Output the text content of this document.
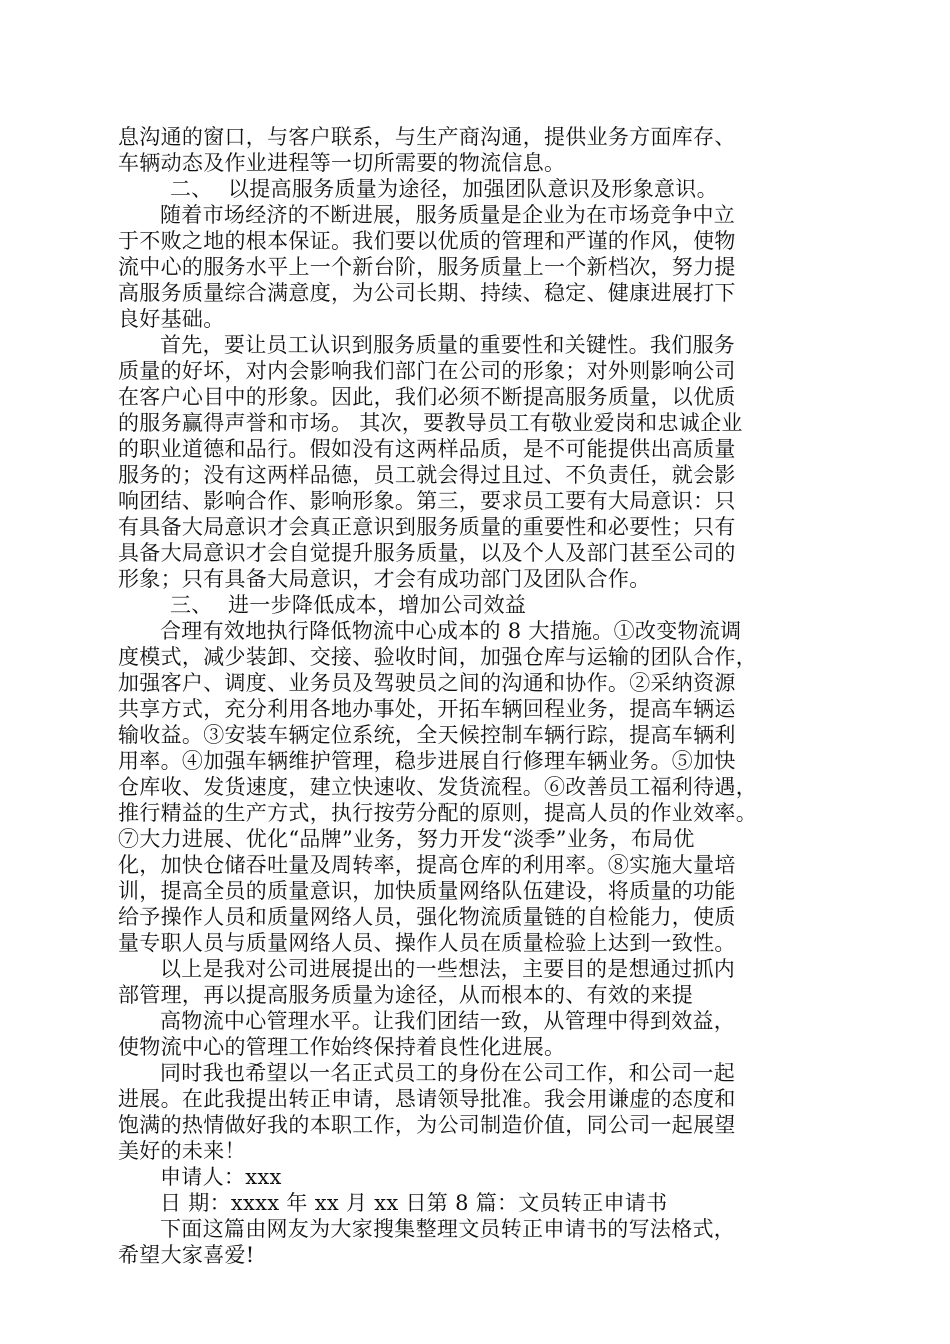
息沟通的窗口，与客户联系，与生产商沟通，提供业务方面库存、
车辆动态及作业进程等一切所需要的物流信息。
二、 以提高服务质量为途径，加强团队意识及形象意识。
随着市场经济的不断进展，服务质量是企业为在市场竞争中立
于不败之地的根本保证。我们要以优质的管理和严谨的作风，使物
流中心的服务水平上一个新台阶，服务质量上一个新档次，努力提
高服务质量综合满意度，为公司长期、持续、稳定、健康进展打下
良好基础。
首先，要让员工认识到服务质量的重要性和关键性。我们服务
质量的好坏，对内会影响我们部门在公司的形象；对外则影响公司
在客户心目中的形象。因此，我们必须不断提高服务质量，以优质
的服务赢得声誉和市场。 其次，要教导员工有敬业爱岗和忠诚企业
的职业道德和品行。假如没有这两样品质，是不可能提供出高质量
服务的；没有这两样品德，员工就会得过且过、不负责任，就会影
响团结、影响合作、影响形象。第三，要求员工要有大局意识：只
有具备大局意识才会真正意识到服务质量的重要性和必要性；只有
具备大局意识才会自觉提升服务质量，以及个人及部门甚至公司的
形象；只有具备大局意识，才会有成功部门及团队合作。
三、 进一步降低成本，增加公司效益
合理有效地执行降低物流中心成本的 8 大措施。①改变物流调
度模式，减少装卸、交接、验收时间，加强仓库与运输的团队合作，
加强客户、调度、业务员及驾驶员之间的沟通和协作。②采纳资源
共享方式，充分利用各地办事处，开拓车辆回程业务，提高车辆运
输收益。③安装车辆定位系统，全天候控制车辆行踪，提高车辆利
用率。④加强车辆维护管理，稳步进展自行修理车辆业务。⑤加快
仓库收、发货速度，建立快速收、发货流程。⑥改善员工福利待遇，
推行精益的生产方式，执行按劳分配的原则，提高人员的作业效率。
⑦大力进展、优化“品牌”业务，努力开发“淡季”业务，布局优
化，加快仓储吞吐量及周转率，提高仓库的利用率。⑧实施大量培
训，提高全员的质量意识，加快质量网络队伍建设，将质量的功能
给予操作人员和质量网络人员，强化物流质量链的自检能力，使质
量专职人员与质量网络人员、操作人员在质量检验上达到一致性。
以上是我对公司进展提出的一些想法，主要目的是想通过抓内
部管理，再以提高服务质量为途径，从而根本的、有效的来提
高物流中心管理水平。让我们团结一致，从管理中得到效益，
使物流中心的管理工作始终保持着良性化进展。
同时我也希望以一名正式员工的身份在公司工作，和公司一起
进展。在此我提出转正申请，恳请领导批准。我会用谦虚的态度和
饱满的热情做好我的本职工作，为公司制造价值，同公司一起展望
美好的未来！
申请人：xxx
日 期：xxxx 年 xx 月 xx 日第 8 篇：文员转正申请书
下面这篇由网友为大家搜集整理文员转正申请书的写法格式，
希望大家喜爱!
